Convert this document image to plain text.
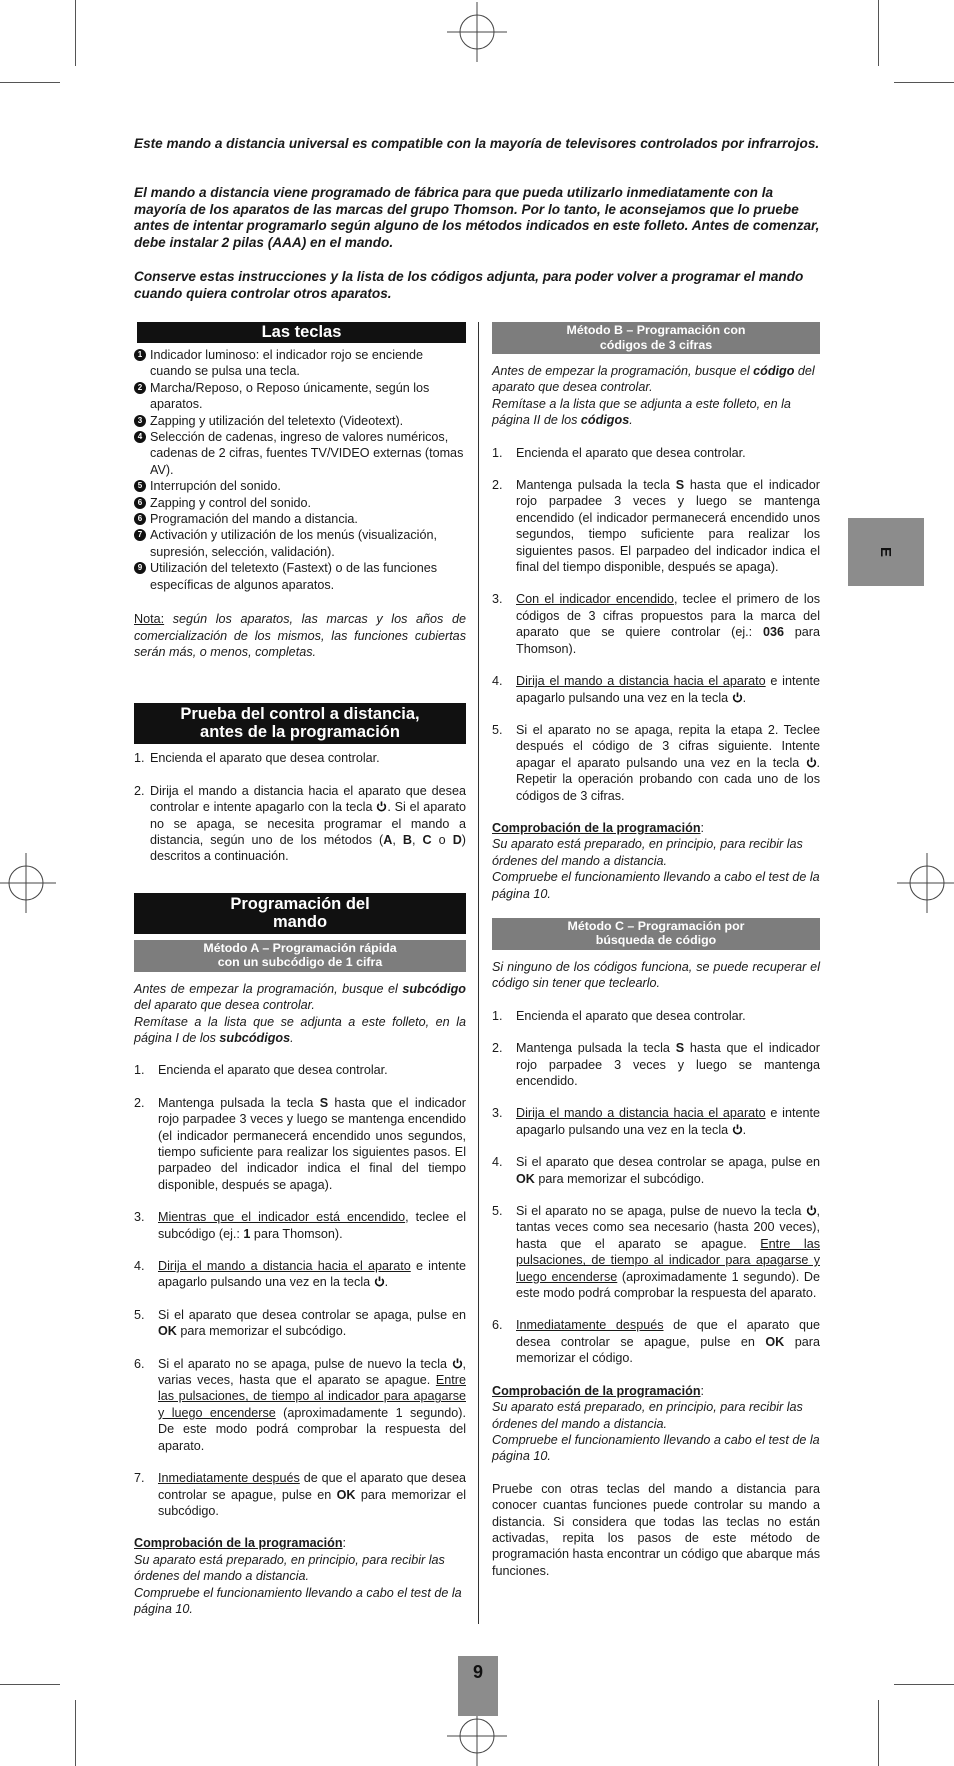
Este mando a distancia universal es compatible con la mayoría de televisores controlados por infrarrojos.

El mando a distancia viene programado de fábrica para que pueda utilizarlo inmediatamente con la mayoría de los aparatos de las marcas del grupo Thomson. Por lo tanto, le aconsejamos que lo pruebe antes de intentar programarlo según alguno de los métodos indicados en este folleto. Antes de comenzar, debe instalar 2 pilas (AAA) en el mando.

Conserve estas instrucciones y la lista de los códigos adjunta, para poder volver a programar el mando cuando quiera controlar otros aparatos.

Las teclas
1 Indicador luminoso: el indicador rojo se enciende cuando se pulsa una tecla.
2 Marcha/Reposo, o Reposo únicamente, según los aparatos.
3 Zapping y utilización del teletexto (Videotext).
4 Selección de cadenas, ingreso de valores numéricos, cadenas de 2 cifras, fuentes TV/VIDEO externas (tomas AV).
5 Interrupción del sonido.
6 Zapping y control del sonido.
6 Programación del mando a distancia.
7 Activación y utilización de los menús (visualización, supresión, selección, validación).
9 Utilización del teletexto (Fastext) o de las funciones específicas de algunos aparatos.

Nota: según los aparatos, las marcas y los años de comercialización de los mismos, las funciones cubiertas serán más, o menos, completas.

Prueba del control a distancia,
antes de la programación
1. Encienda el aparato que desea controlar.
2. Dirija el mando a distancia hacia el aparato que desea controlar e intente apagarlo con la tecla . Si el aparato no se apaga, se necesita programar el mando a distancia, según uno de los métodos (A, B, C o D) descritos a continuación.
Programación del
mando
Método A – Programación rápida
con un subcódigo de 1 cifra

Antes de empezar la programación, busque el subcódigo del aparato que desea controlar.
Remítase a la lista que se adjunta a este folleto, en la página I de los subcódigos.

1. Encienda el aparato que desea controlar.
2. Mantenga pulsada la tecla S hasta que el indicador rojo parpadee 3 veces y luego se mantenga encendido (el indicador permanecerá encendido unos segundos, tiempo suficiente para realizar los siguientes pasos. El parpadeo del indicador indica el final del tiempo disponible, después se apaga).
3. Mientras que el indicador está encendido, teclee el subcódigo (ej.: 1 para Thomson).
4. Dirija el mando a distancia hacia el aparato e intente apagarlo pulsando una vez en la tecla .
5. Si el aparato que desea controlar se apaga, pulse en OK para memorizar el subcódigo.
6. Si el aparato no se apaga, pulse de nuevo la tecla , varias veces, hasta que el aparato se apague. Entre las pulsaciones, de tiempo al indicador para apagarse y luego encenderse (aproximadamente 1 segundo). De este modo podrá comprobar la respuesta del aparato.
7. Inmediatamente después de que el aparato que desea controlar se apague, pulse en OK para memorizar el subcódigo.

Comprobación de la programación:

Su aparato está preparado, en principio, para recibir las órdenes del mando a distancia.

Compruebe el funcionamiento llevando a cabo el test de la página 10.

Método B – Programación con
códigos de 3 cifras

Antes de empezar la programación, busque el código del aparato que desea controlar.
Remítase a la lista que se adjunta a este folleto, en la página II de los códigos.

1. Encienda el aparato que desea controlar.
2. Mantenga pulsada la tecla S hasta que el indicador rojo parpadee 3 veces y luego se mantenga encendido (el indicador permanecerá encendido unos segundos, tiempo suficiente para realizar los siguientes pasos. El parpadeo del indicador indica el final del tiempo disponible, después se apaga).
3. Con el indicador encendido, teclee el primero de los códigos de 3 cifras propuestos para la marca del aparato que se quiere controlar (ej.: 036 para Thomson).
4. Dirija el mando a distancia hacia el aparato e intente apagarlo pulsando una vez en la tecla .
5. Si el aparato no se apaga, repita la etapa 2. Teclee después el código de 3 cifras siguiente. Intente apagar el aparato pulsando una vez en la tecla . Repetir la operación probando con cada uno de los códigos de 3 cifras.

Comprobación de la programación:

Su aparato está preparado, en principio, para recibir las órdenes del mando a distancia.

Compruebe el funcionamiento llevando a cabo el test de la página 10.

Método C – Programación por
búsqueda de código

Si ninguno de los códigos funciona, se puede recuperar el código sin tener que teclearlo.

1. Encienda el aparato que desea controlar.
2. Mantenga pulsada la tecla S hasta que el indicador rojo parpadee 3 veces y luego se mantenga encendido.
3. Dirija el mando a distancia hacia el aparato e intente apagarlo pulsando una vez en la tecla .
4. Si el aparato que desea controlar se apaga, pulse en OK para memorizar el subcódigo.
5. Si el aparato no se apaga, pulse de nuevo la tecla , tantas veces como sea necesario (hasta 200 veces), hasta que el aparato se apague. Entre las pulsaciones, de tiempo al indicador para apagarse y luego encenderse (aproximadamente 1 segundo). De este modo podrá comprobar la respuesta del aparato.
6. Inmediatamente después de que el aparato que desea controlar se apague, pulse en OK para memorizar el código.

Comprobación de la programación:

Su aparato está preparado, en principio, para recibir las órdenes del mando a distancia.

Compruebe el funcionamiento llevando a cabo el test de la página 10.

Pruebe con otras teclas del mando a distancia para conocer cuantas funciones puede controlar su mando a distancia. Si considera que todas las teclas no están activadas, repita los pasos de este método de programación hasta encontrar un código que abarque más funciones.

E
9
